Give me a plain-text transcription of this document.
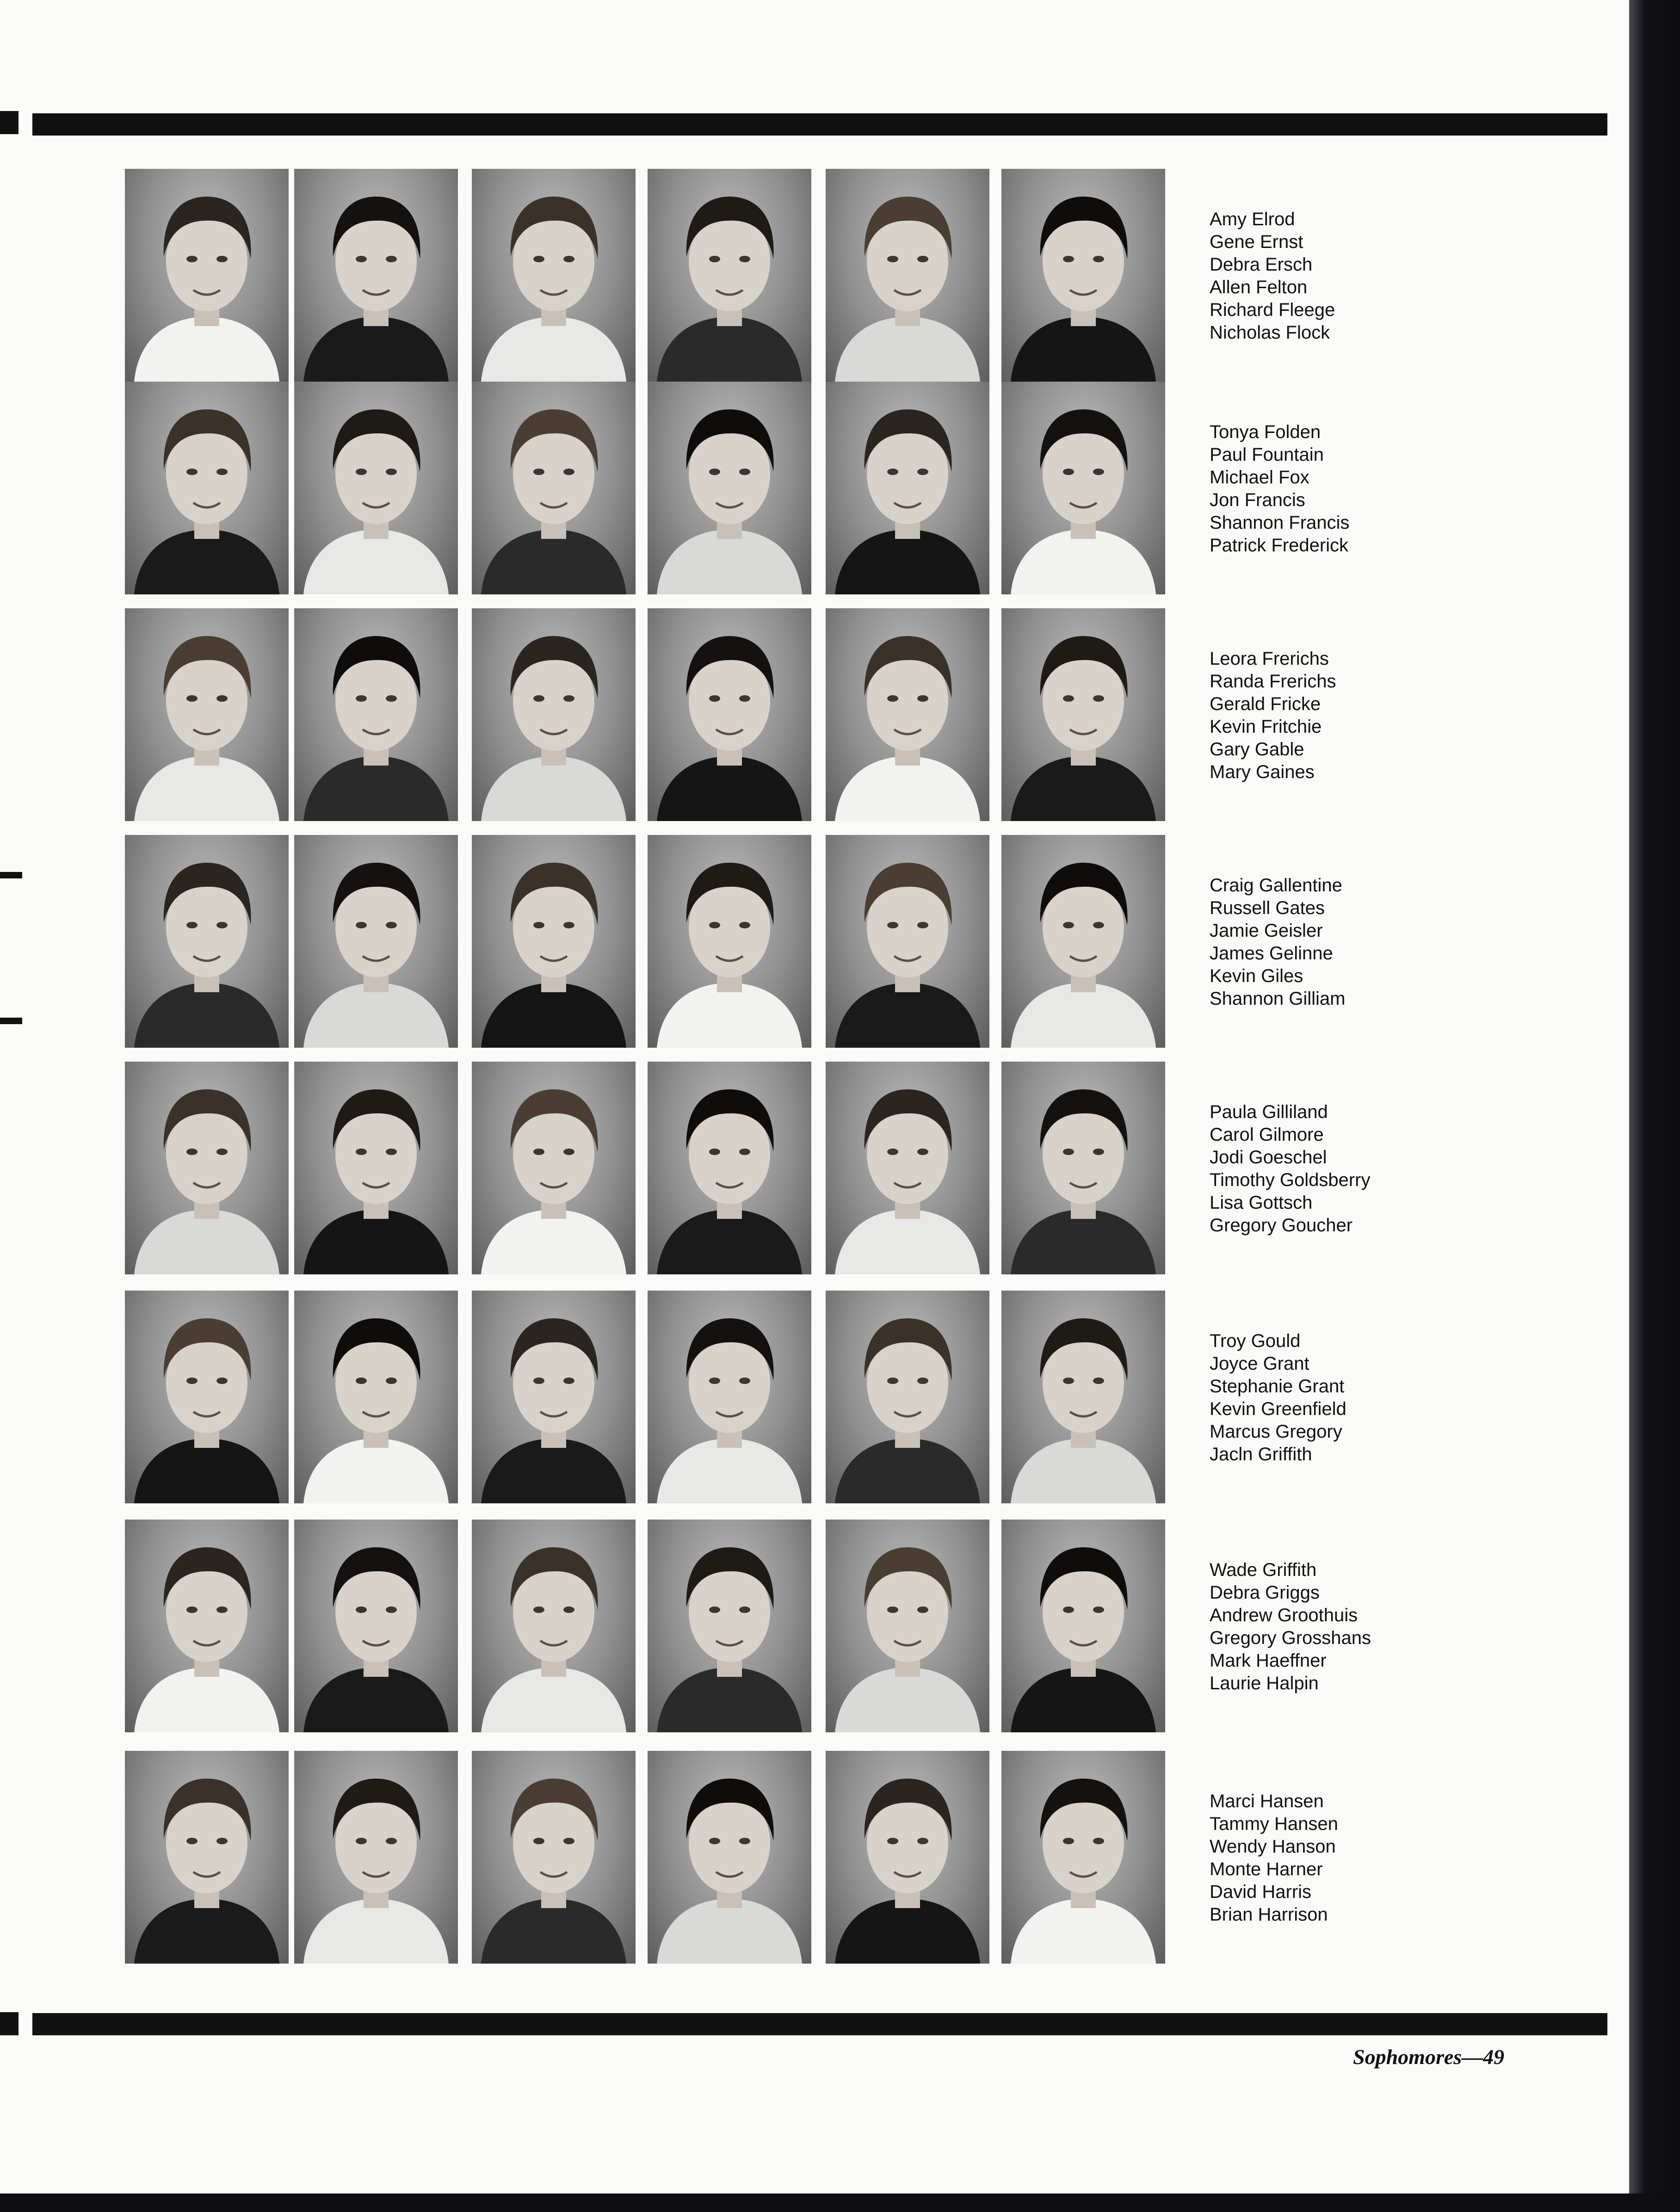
Sophomores—49
Amy Elrod
Gene Ernst
Debra Ersch
Allen Felton
Richard Fleege
Nicholas Flock
Tonya Folden
Paul Fountain
Michael Fox
Jon Francis
Shannon Francis
Patrick Frederick
Leora Frerichs
Randa Frerichs
Gerald Fricke
Kevin Fritchie
Gary Gable
Mary Gaines
Craig Gallentine
Russell Gates
Jamie Geisler
James Gelinne
Kevin Giles
Shannon Gilliam
Paula Gilliland
Carol Gilmore
Jodi Goeschel
Timothy Goldsberry
Lisa Gottsch
Gregory Goucher
Troy Gould
Joyce Grant
Stephanie Grant
Kevin Greenfield
Marcus Gregory
Jacln Griffith
Wade Griffith
Debra Griggs
Andrew Groothuis
Gregory Grosshans
Mark Haeffner
Laurie Halpin
Marci Hansen
Tammy Hansen
Wendy Hanson
Monte Harner
David Harris
Brian Harrison
